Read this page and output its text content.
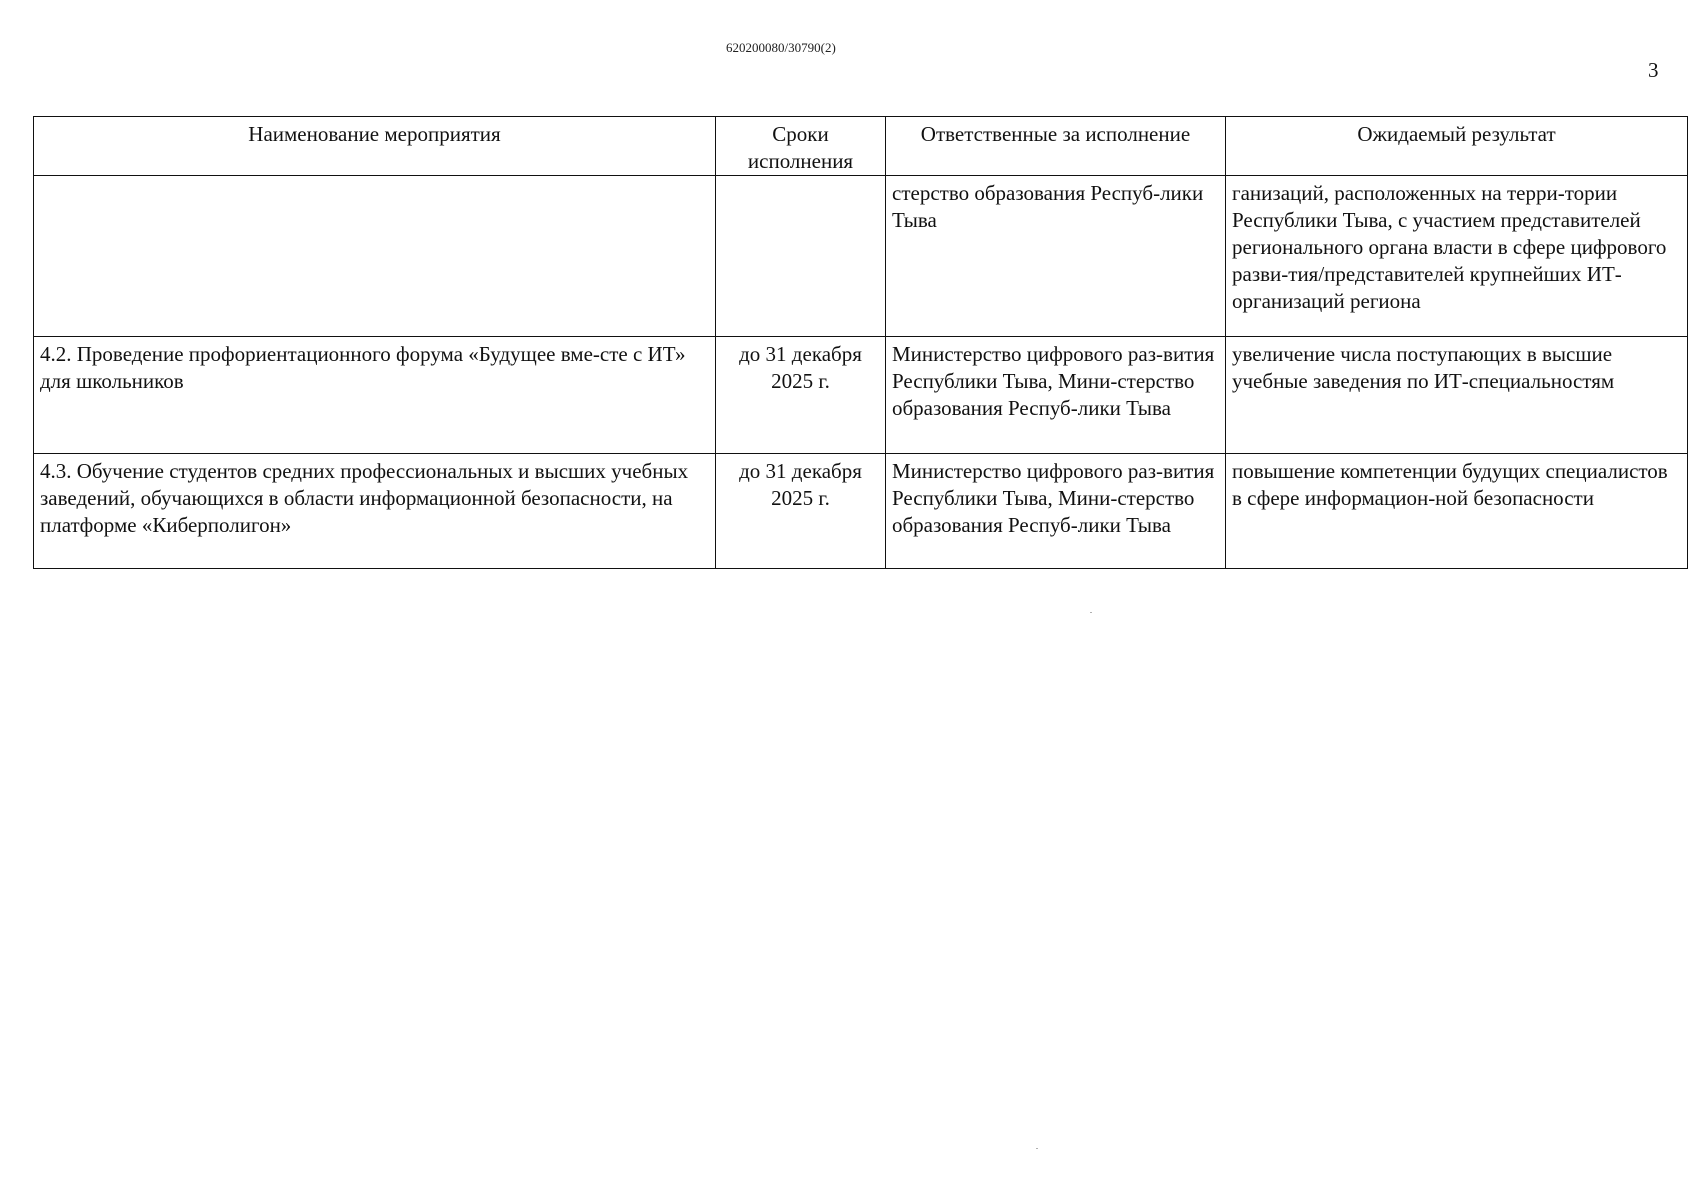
620200080/30790(2)
3
Наименование мероприятия	Сроки исполнения	Ответственные за исполнение	Ожидаемый результат
		стерство образования Респуб-лики Тыва	ганизаций, расположенных на терри-тории Республики Тыва, с участием представителей регионального органа власти в сфере цифрового разви-тия/представителей крупнейших ИТ-организаций региона
4.2. Проведение профориентационного форума «Будущее вме-сте с ИТ» для школьников	до 31 декабря 2025 г.	Министерство цифрового раз-вития Республики Тыва, Мини-стерство образования Респуб-лики Тыва	увеличение числа поступающих в высшие учебные заведения по ИТ-специальностям
4.3. Обучение студентов средних профессиональных и высших учебных заведений, обучающихся в области информационной безопасности, на платформе «Киберполигон»	до 31 декабря 2025 г.	Министерство цифрового раз-вития Республики Тыва, Мини-стерство образования Респуб-лики Тыва	повышение компетенции будущих специалистов в сфере информацион-ной безопасности
